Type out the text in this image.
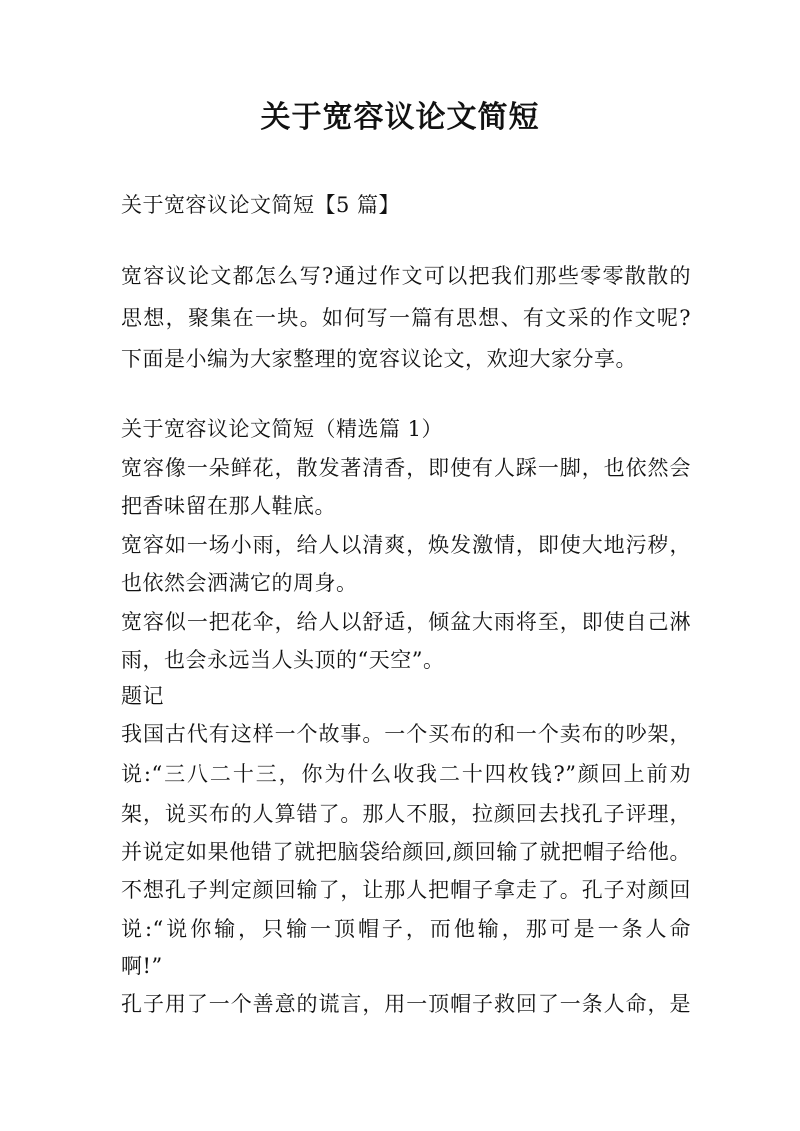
关于宽容议论文简短
关于宽容议论文简短【5 篇】
宽容议论文都怎么写?通过作文可以把我们那些零零散散的
思想，聚集在一块。如何写一篇有思想、有文采的作文呢?
下面是小编为大家整理的宽容议论文，欢迎大家分享。
关于宽容议论文简短（精选篇 1）
宽容像一朵鲜花，散发著清香，即使有人踩一脚，也依然会
把香味留在那人鞋底。
宽容如一场小雨，给人以清爽，焕发激情，即使大地污秽，
也依然会洒满它的周身。
宽容似一把花伞，给人以舒适，倾盆大雨将至，即使自己淋
雨，也会永远当人头顶的“天空”。
题记
我国古代有这样一个故事。一个买布的和一个卖布的吵架，
说:“三八二十三，你为什么收我二十四枚钱?”颜回上前劝
架，说买布的人算错了。那人不服，拉颜回去找孔子评理，
并说定如果他错了就把脑袋给颜回,颜回输了就把帽子给他。
不想孔子判定颜回输了，让那人把帽子拿走了。孔子对颜回
说:“说你输，只输一顶帽子，而他输，那可是一条人命
啊!”
孔子用了一个善意的谎言，用一顶帽子救回了一条人命，是
